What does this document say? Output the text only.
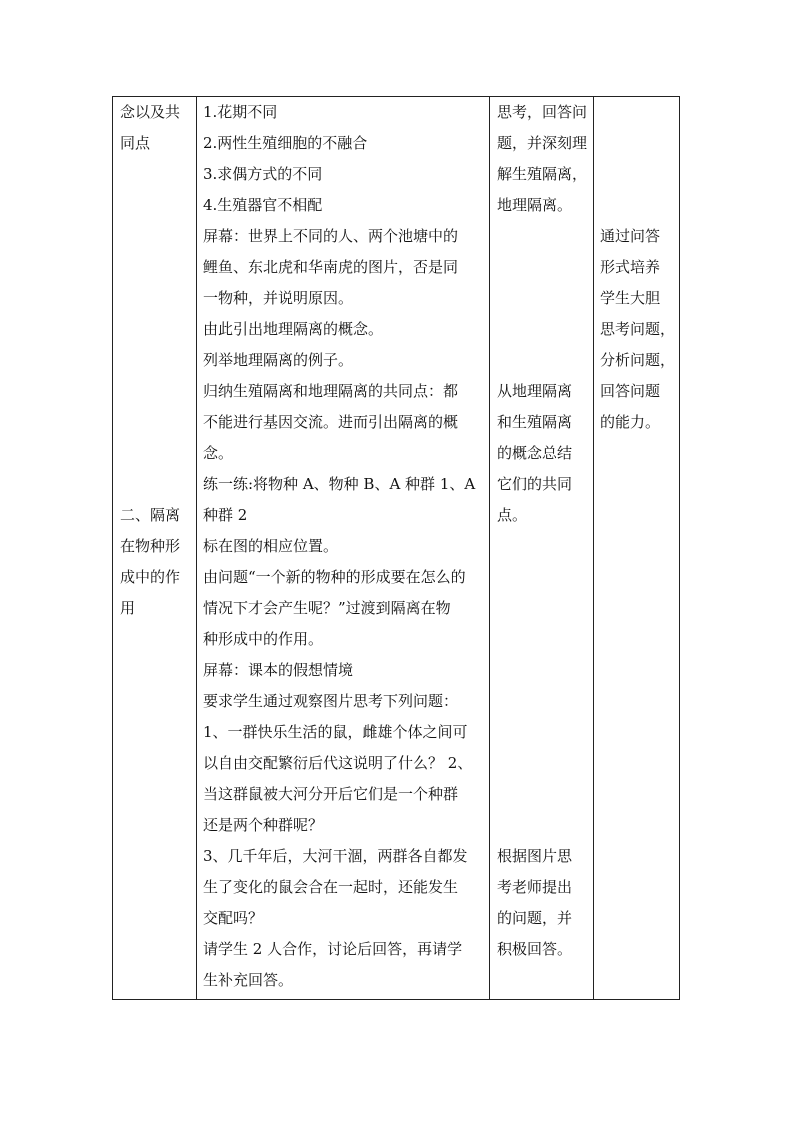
念以及共

同点

二、隔离

在物种形

成中的作

用

1.花期不同

2.两性生殖细胞的不融合

3.求偶方式的不同

4.生殖器官不相配

屏幕：世界上不同的人、两个池塘中的

鲤鱼、东北虎和华南虎的图片，否是同

一物种，并说明原因。

由此引出地理隔离的概念。

列举地理隔离的例子。

归纳生殖隔离和地理隔离的共同点：都

不能进行基因交流。进而引出隔离的概

念。

练一练:将物种 A、物种 B、A 种群 1、A

种群 2

标在图的相应位置。

由问题“一个新的物种的形成要在怎么的

情况下才会产生呢？”过渡到隔离在物

种形成中的作用。

屏幕：课本的假想情境

要求学生通过观察图片思考下列问题：

1、一群快乐生活的鼠，雌雄个体之间可

以自由交配繁衍后代这说明了什么？ 2、

当这群鼠被大河分开后它们是一个种群

还是两个种群呢？

3、几千年后，大河干涸，两群各自都发

生了变化的鼠会合在一起时，还能发生

交配吗？

请学生 2 人合作，讨论后回答，再请学

生补充回答。

思考，回答问

题，并深刻理

解生殖隔离，

地理隔离。

从地理隔离

和生殖隔离

的概念总结

它们的共同

点。

根据图片思

考老师提出

的问题，并

积极回答。

通过问答

形式培养

学生大胆

思考问题，

分析问题，

回答问题

的能力。
